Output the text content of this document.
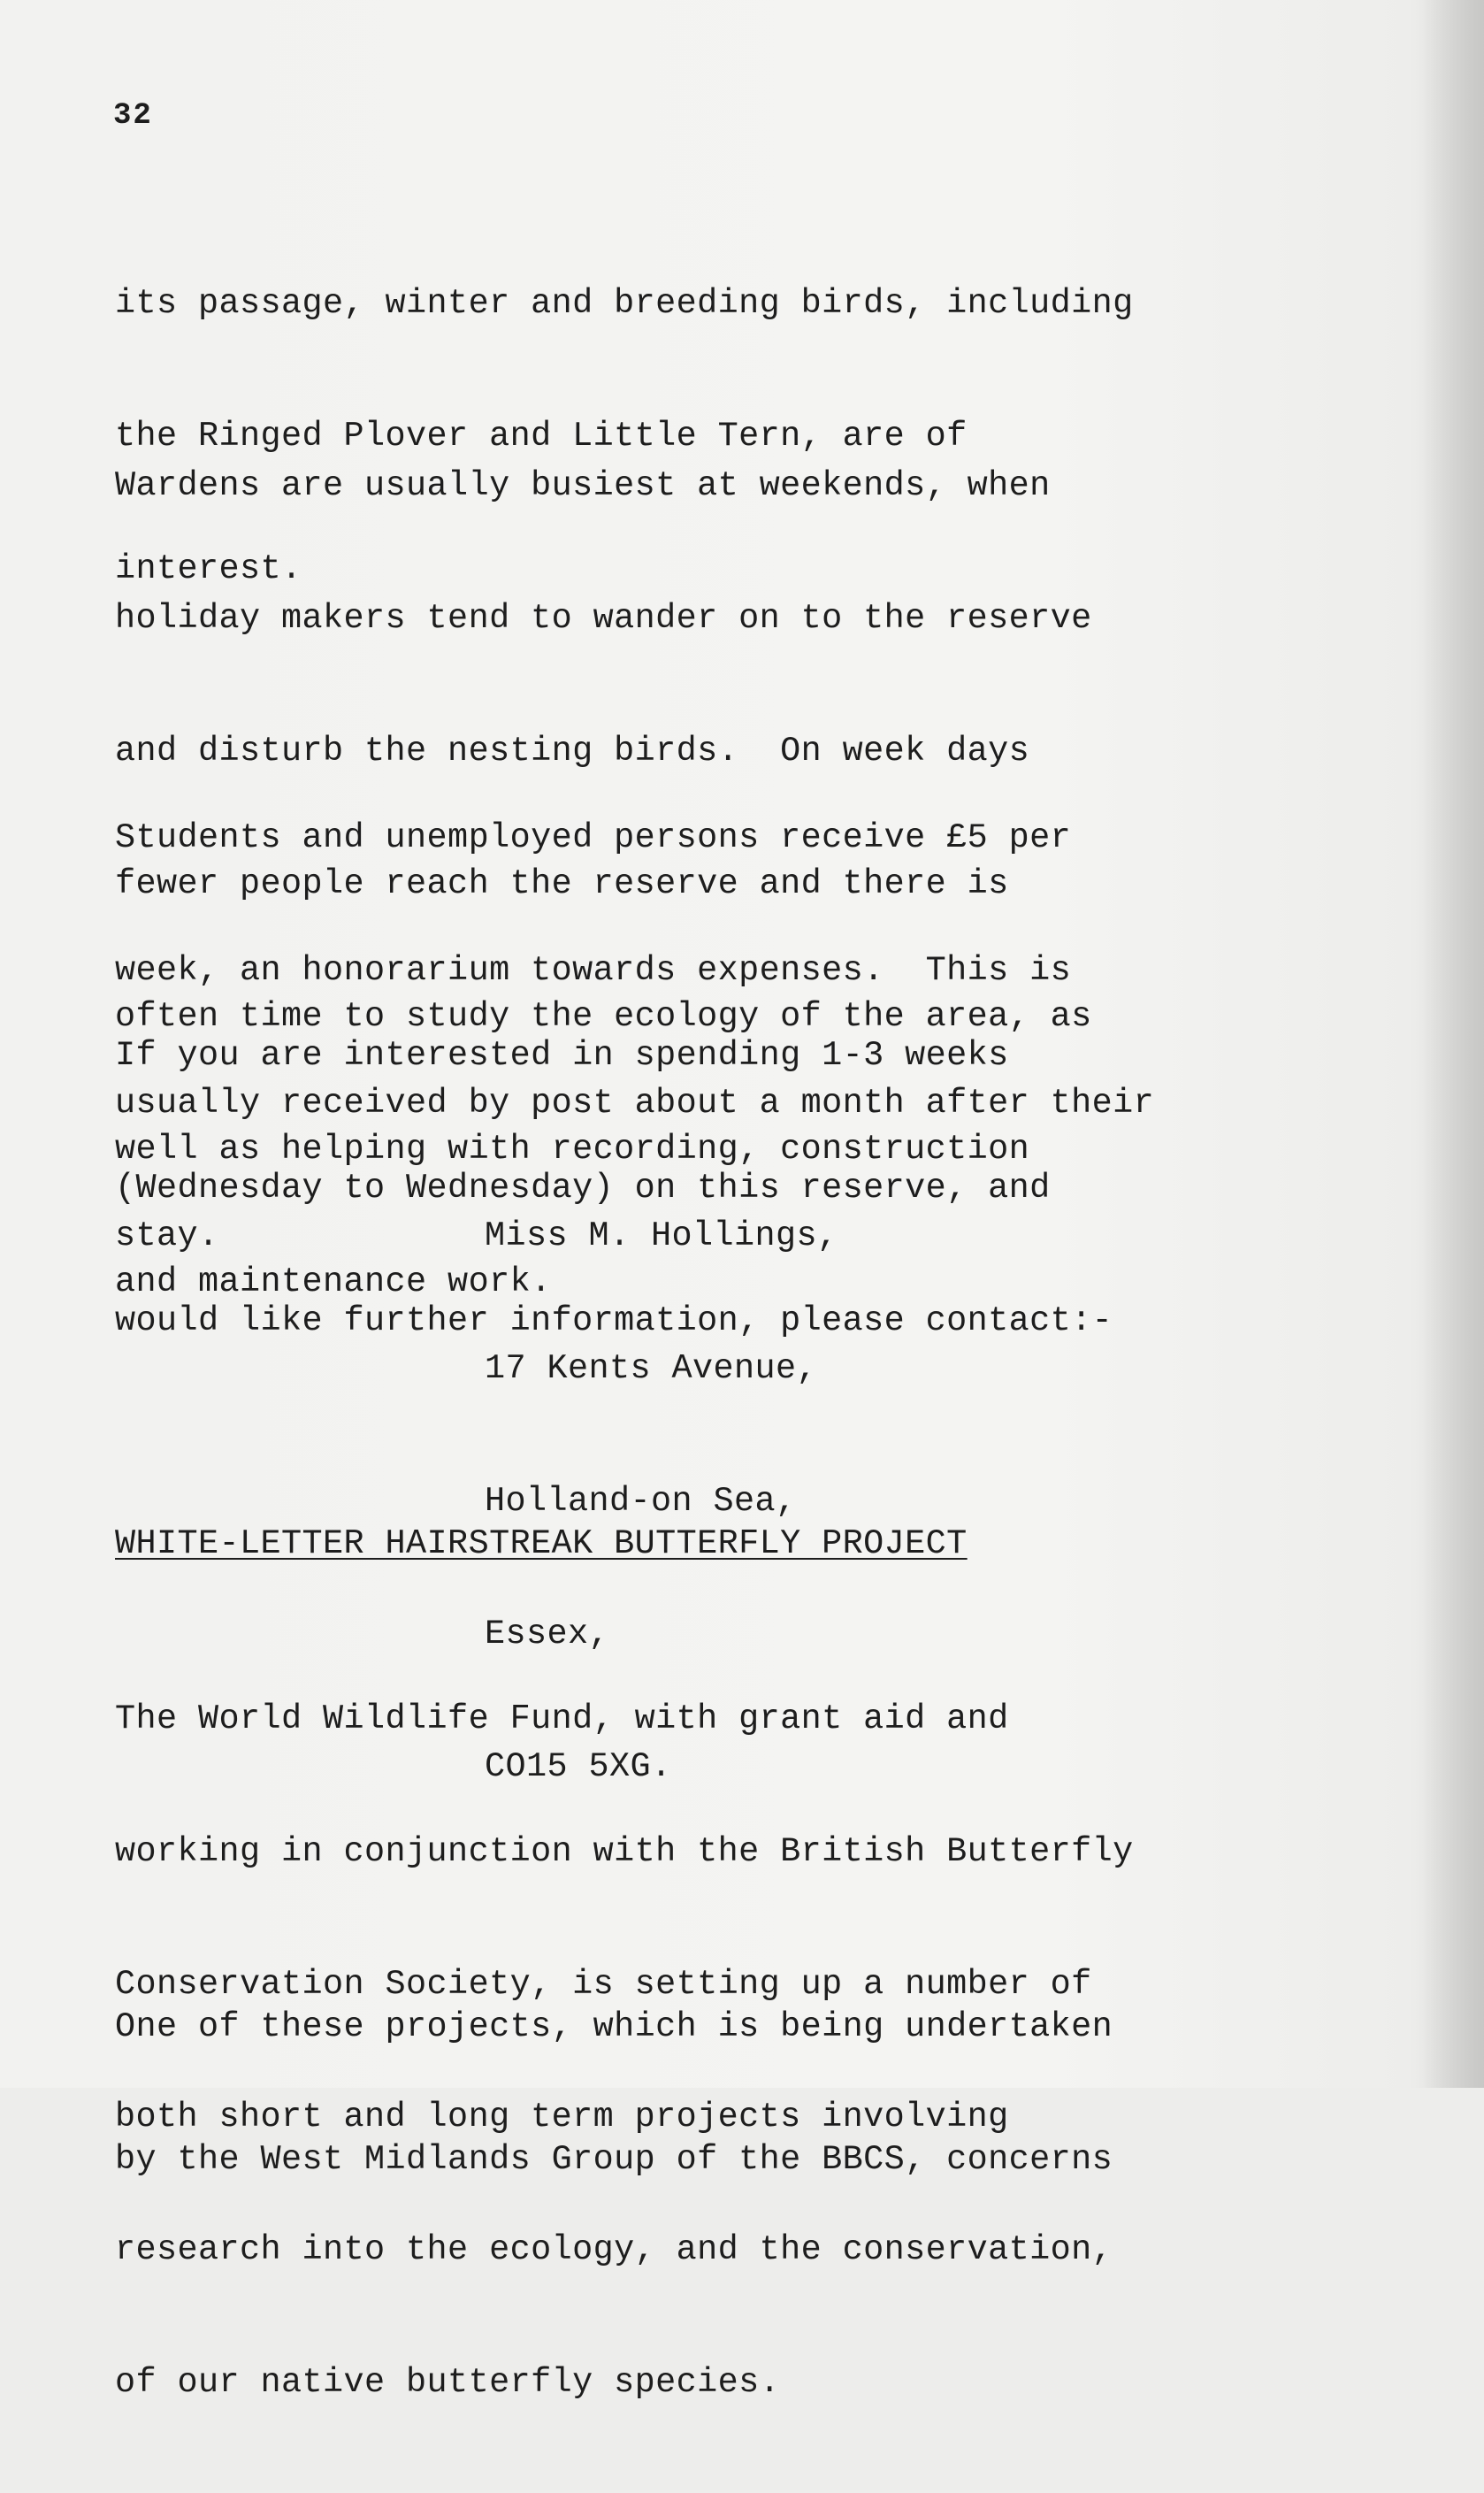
32

its passage, winter and breeding birds, including

the Ringed Plover and Little Tern, are of

interest.

Wardens are usually busiest at weekends, when

holiday makers tend to wander on to the reserve

and disturb the nesting birds.  On week days

fewer people reach the reserve and there is

often time to study the ecology of the area, as

well as helping with recording, construction

and maintenance work.

Students and unemployed persons receive £5 per

week, an honorarium towards expenses.  This is

usually received by post about a month after their

stay.

If you are interested in spending 1-3 weeks

(Wednesday to Wednesday) on this reserve, and

would like further information, please contact:-

Miss M. Hollings,

17 Kents Avenue,

Holland-on Sea,

Essex,

CO15 5XG.

WHITE-LETTER HAIRSTREAK BUTTERFLY PROJECT

The World Wildlife Fund, with grant aid and

working in conjunction with the British Butterfly

Conservation Society, is setting up a number of

both short and long term projects involving

research into the ecology, and the conservation,

of our native butterfly species.

One of these projects, which is being undertaken

by the West Midlands Group of the BBCS, concerns
